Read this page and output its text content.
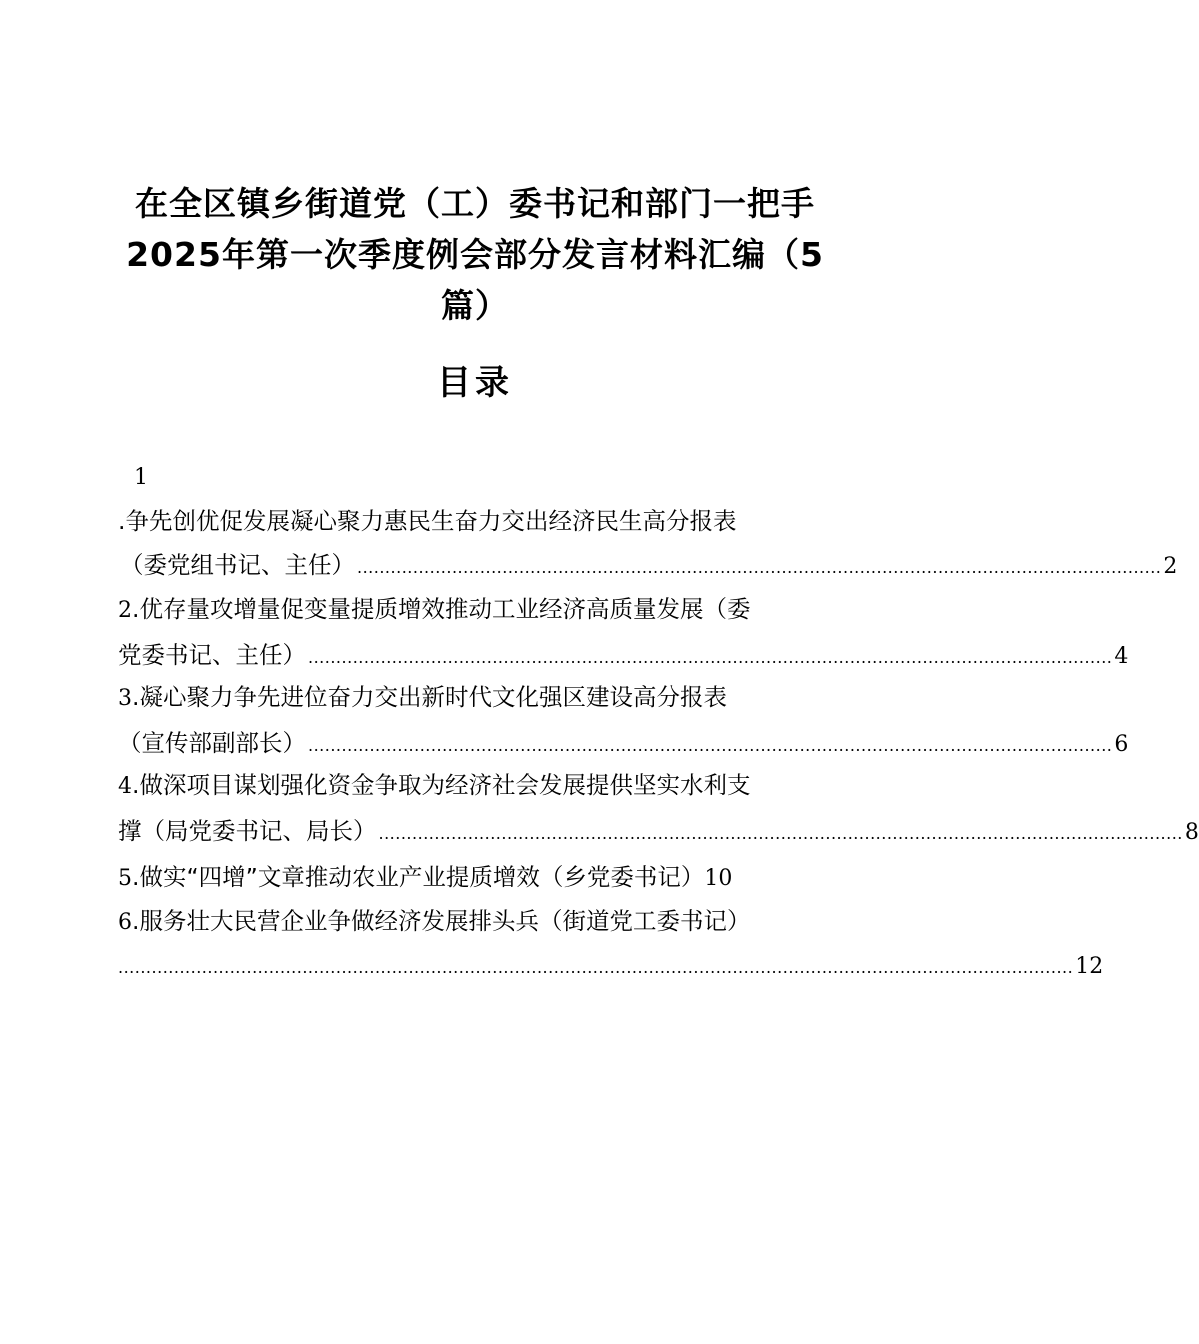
在全区镇乡街道党（工）委书记和部门一把手
2025年第一次季度例会部分发言材料汇编（5
篇）
目录
1
.争先创优促发展凝心聚力惠民生奋力交出经济民生高分报表
（委党组书记、主任） ................................................................................................................................................ 2
2.优存量攻增量促变量提质增效推动工业经济高质量发展（委
党委书记、主任） ................................................................................................................................................ 4
3.凝心聚力争先进位奋力交出新时代文化强区建设高分报表
（宣传部副部长） ................................................................................................................................................ 6
4.做深项目谋划强化资金争取为经济社会发展提供坚实水利支
撑（局党委书记、局长） ................................................................................................................................................ 8
5.做实“四增”文章推动农业产业提质增效（乡党委书记）10
6.服务壮大民营企业争做经济发展排头兵（街道党工委书记）
........................................................................................................................................................................... 12
